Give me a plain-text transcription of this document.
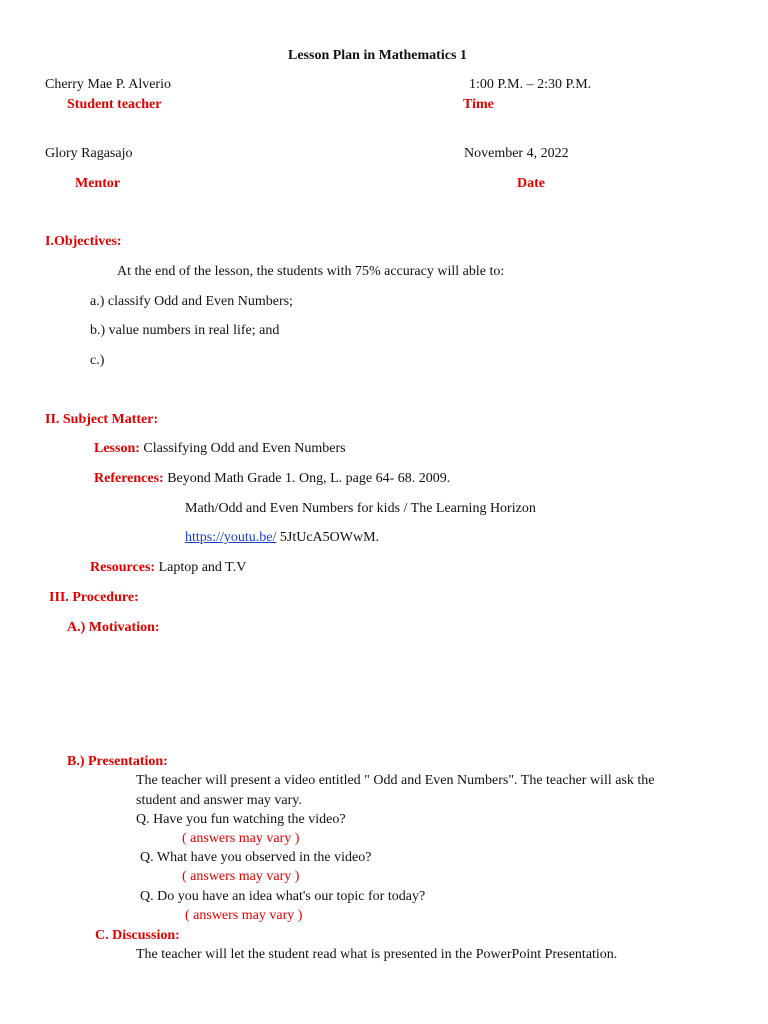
Lesson Plan in Mathematics 1
Cherry Mae P. Alverio	1:00 P.M. – 2:30 P.M.
Student teacher	Time
Glory Ragasajo	November 4, 2022
Mentor	Date
I.Objectives:
At the end of the lesson, the students with 75% accuracy will able to:
a.) classify Odd and Even Numbers;
b.) value numbers in real life; and
c.)
II. Subject Matter:
Lesson: Classifying Odd and Even Numbers
References: Beyond Math Grade 1. Ong, L. page 64- 68. 2009.
Math/Odd and Even Numbers for kids / The Learning Horizon
https://youtu.be/ 5JtUcA5OWwM.
Resources: Laptop and T.V
III. Procedure:
A.) Motivation:
B.) Presentation:
The teacher will present a video entitled " Odd and Even Numbers". The teacher will ask the
student and answer may vary.
Q. Have you fun watching the video?
( answers may vary )
Q. What have you observed in the video?
( answers may vary )
Q. Do you have an idea what's our topic for today?
( answers may vary )
C. Discussion:
The teacher will let the student read what is presented in the PowerPoint Presentation.
